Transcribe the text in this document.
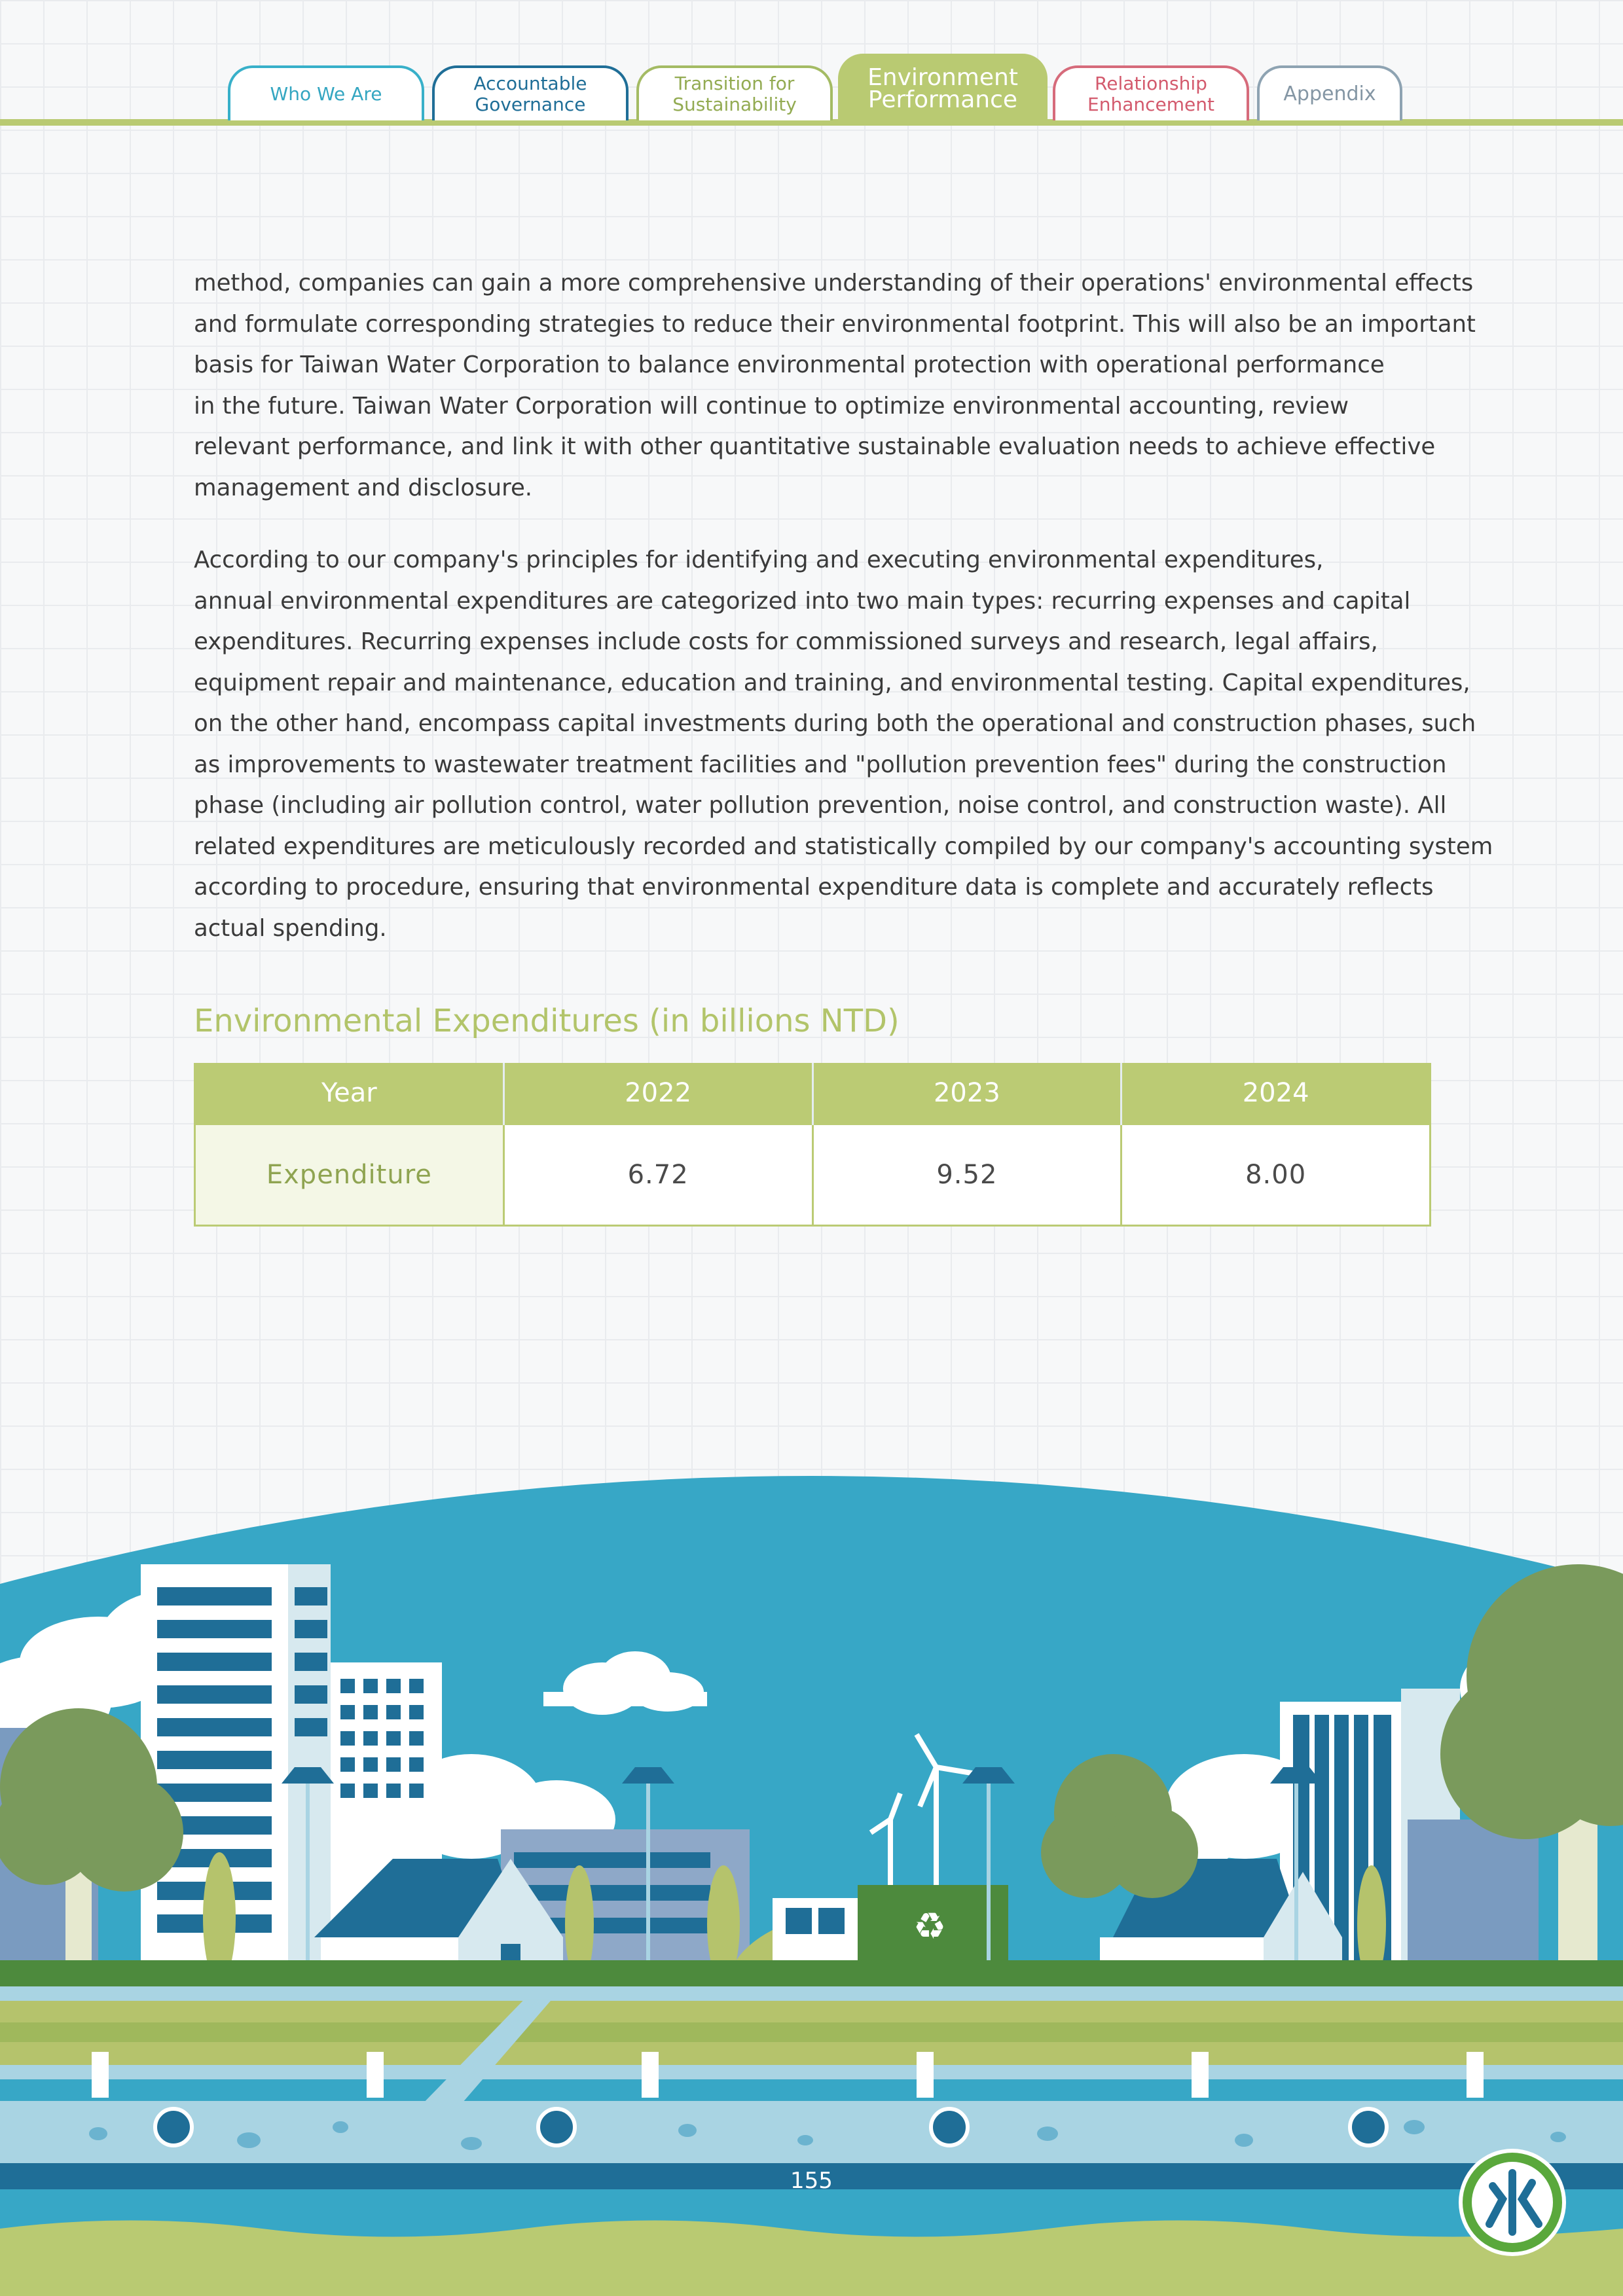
Who We Are	Accountable
Governance
Transition for
Sustainability
Environment
Performance
Relationship
Enhancement	Appendix

method, companies can gain a more comprehensive understanding of their operations' environmental effects
and formulate corresponding strategies to reduce their environmental footprint. This will also be an important
basis for Taiwan Water Corporation to balance environmental protection with operational performance
in the future. Taiwan Water Corporation will continue to optimize environmental accounting, review
relevant performance, and link it with other quantitative sustainable evaluation needs to achieve effective
management and disclosure.

According to our company's principles for identifying and executing environmental expenditures,
annual environmental expenditures are categorized into two main types: recurring expenses and capital
expenditures. Recurring expenses include costs for commissioned surveys and research, legal affairs,
equipment repair and maintenance, education and training, and environmental testing. Capital expenditures,
on the other hand, encompass capital investments during both the operational and construction phases, such
as improvements to wastewater treatment facilities and "pollution prevention fees" during the construction
phase (including air pollution control, water pollution prevention, noise control, and construction waste). All
related expenditures are meticulously recorded and statistically compiled by our company's accounting system
according to procedure, ensuring that environmental expenditure data is complete and accurately reflects
actual spending.

Environmental Expenditures (in billions NTD)
Year	2022	2023	2024
Expenditure	6.72	9.52	8.00
♻

155
